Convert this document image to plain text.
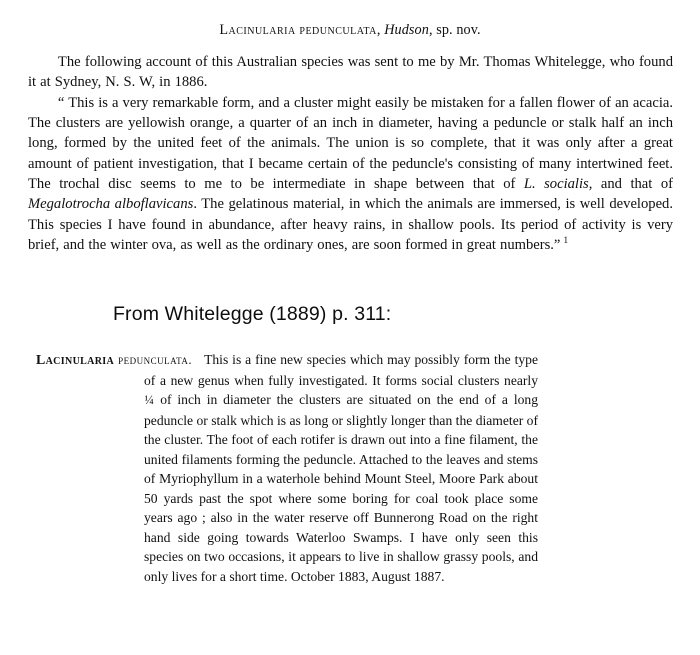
Lacinularia pedunculata, Hudson, sp. nov.

The following account of this Australian species was sent to me by Mr. Thomas Whitelegge, who found it at Sydney, N. S. W, in 1886.

“ This is a very remarkable form, and a cluster might easily be mistaken for a fallen flower of an acacia. The clusters are yellowish orange, a quarter of an inch in diameter, having a peduncle or stalk half an inch long, formed by the united feet of the animals. The union is so complete, that it was only after a great amount of patient investigation, that I became certain of the peduncle's consisting of many intertwined feet. The trochal disc seems to me to be intermediate in shape between that of L. socialis, and that of Megalotrocha alboflavicans. The gelatinous material, in which the animals are immersed, is well developed. This species I have found in abundance, after heavy rains, in shallow pools. Its period of activity is very brief, and the winter ova, as well as the ordinary ones, are soon formed in great numbers.” $^1$

From Whitelegge (1889) p. 311:

Lacinularia pedunculata. This is a fine new species which may possibly form the type of a new genus when fully investigated. It forms social clusters nearly ¼ of inch in diameter the clusters are situated on the end of a long peduncle or stalk which is as long or slightly longer than the diameter of the cluster. The foot of each rotifer is drawn out into a fine filament, the united filaments forming the peduncle. Attached to the leaves and stems of Myriophyllum in a waterhole behind Mount Steel, Moore Park about 50 yards past the spot where some boring for coal took place some years ago ; also in the water reserve off Bunnerong Road on the right hand side going towards Waterloo Swamps. I have only seen this species on two occasions, it appears to live in shallow grassy pools, and only lives for a short time. October 1883, August 1887.
